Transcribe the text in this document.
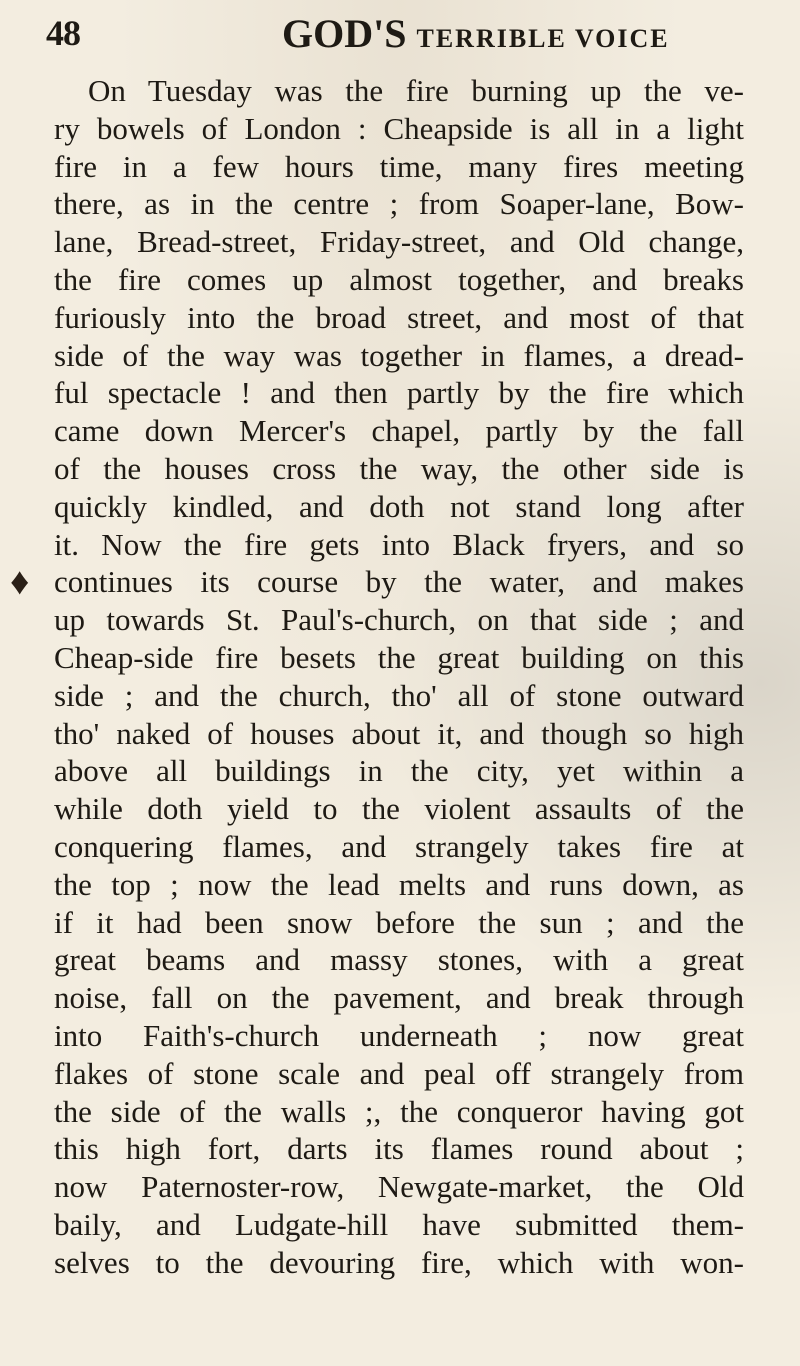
48	GOD'S TERRIBLE VOICE
♦
On Tuesday was the fire burning up the ve-
ry bowels of London : Cheapside is all in a light
fire in a few hours time, many fires meeting
there, as in the centre ; from Soaper-lane, Bow-
lane, Bread-street, Friday-street, and Old change,
the fire comes up almost together, and breaks
furiously into the broad street, and most of that
side of the way was together in flames, a dread-
ful spectacle ! and then partly by the fire which
came down Mercer's chapel, partly by the fall
of the houses cross the way, the other side is
quickly kindled, and doth not stand long after
it. Now the fire gets into Black fryers, and so
continues its course by the water, and makes
up towards St. Paul's-church, on that side ; and
Cheap-side fire besets the great building on this
side ; and the church, tho' all of stone outward
tho' naked of houses about it, and though so high
above all buildings in the city, yet within a
while doth yield to the violent assaults of the
conquering flames, and strangely takes fire at
the top ; now the lead melts and runs down, as
if it had been snow before the sun ; and the
great beams and massy stones, with a great
noise, fall on the pavement, and break through
into Faith's-church underneath ; now great
flakes of stone scale and peal off strangely from
the side of the walls ;, the conqueror having got
this high fort, darts its flames round about ;
now Paternoster-row, Newgate-market, the Old
baily, and Ludgate-hill have submitted them-
selves to the devouring fire, which with won-
